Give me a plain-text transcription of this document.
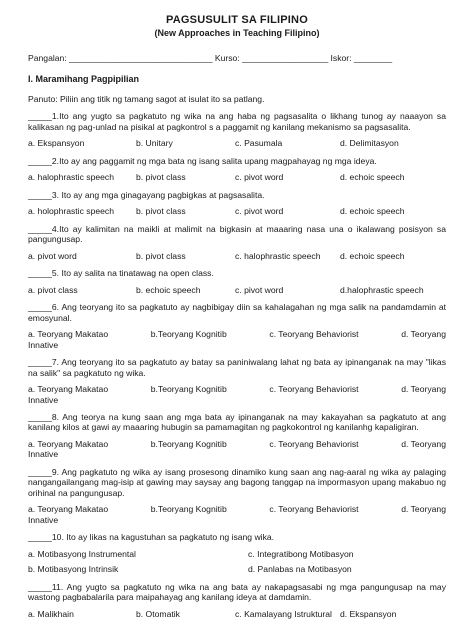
PAGSUSULIT SA FILIPINO
(New Approaches in Teaching Filipino)
Pangalan: ______________________________ Kurso: __________________ Iskor: ________
I. Maramihang Pagpipilian
Panuto: Piliin ang titik ng tamang sagot at isulat ito sa patlang.
_____1.Ito ang yugto sa pagkatuto ng wika na ang haba ng pagsasalita o likhang tunog ay naaayon sa kalikasan ng pag-unlad na pisikal at pagkontrol s a paggamit ng kanilang mekanismo sa pagsasalita.
a. Ekspansyon	b. Unitary	c. Pasumala	d. Delimitasyon
_____2.Ito ay ang paggamit ng mga bata ng isang salita upang magpahayag ng mga ideya.
a. halophrastic speech	b. pivot class	c. pivot word	d. echoic speech
_____3. Ito ay ang mga ginagayang pagbigkas at pagsasalita.
a. holophrastic speech	b. pivot class	c. pivot word	d. echoic speech
_____4.Ito ay kalimitan na maikli at malimit na bigkasin at maaaring nasa una o ikalawang posisyon sa pangungusap.
a. pivot word	b. pivot class	c. halophrastic speech	d. echoic speech
_____5. Ito ay salita na tinatawag na open class.
a. pivot class	b. echoic speech	c. pivot word	d.halophrastic speech
_____6. Ang teoryang ito sa pagkatuto ay nagbibigay diin sa kahalagahan ng mga salik na pandamdamin at emosyunal.
a. Teoryang Makatao	b.Teoryang Kognitib	c. Teoryang Behaviorist	d. Teoryang
Innative
_____7. Ang teoryang ito sa pagkatuto ay batay sa paniniwalang lahat ng bata ay ipinanganak na may "likas na salik" sa pagkatuto ng wika.
a. Teoryang Makatao	b.Teoryang Kognitib	c. Teoryang Behaviorist	d. Teoryang
Innative
_____8. Ang teorya na kung saan ang mga bata ay ipinanganak na may kakayahan sa pagkatuto at ang kanilang kilos at gawi ay maaaring hubugin sa pamamagitan ng pagkokontrol ng kanilanhg kapaligiran.
a. Teoryang Makatao	b.Teoryang Kognitib	c. Teoryang Behaviorist	d. Teoryang
Innative
_____9. Ang pagkatuto ng wika ay isang prosesong dinamiko kung saan ang nag-aaral ng wika ay palaging nangangailangang mag-isip at gawing may saysay ang bagong tanggap na impormasyon upang makabuo ng orihinal na pangungusap.
a. Teoryang Makatao	b.Teoryang Kognitib	c. Teoryang Behaviorist	d. Teoryang
Innative
_____10. Ito ay likas na kagustuhan sa pagkatuto ng isang wika.
a. Motibasyong Instrumental	c. Integratibong Motibasyon
b. Motibasyong Intrinsik	d. Panlabas na Motibasyon
_____11. Ang yugto sa pagkatuto ng wika na ang bata ay nakapagsasabi ng mga pangungusap na may wastong pagbabalarila para maipahayag ang kanilang ideya at damdamin.
a. Malikhain	b. Otomatik	c. Kamalayang Istruktural d. Ekspansyon
